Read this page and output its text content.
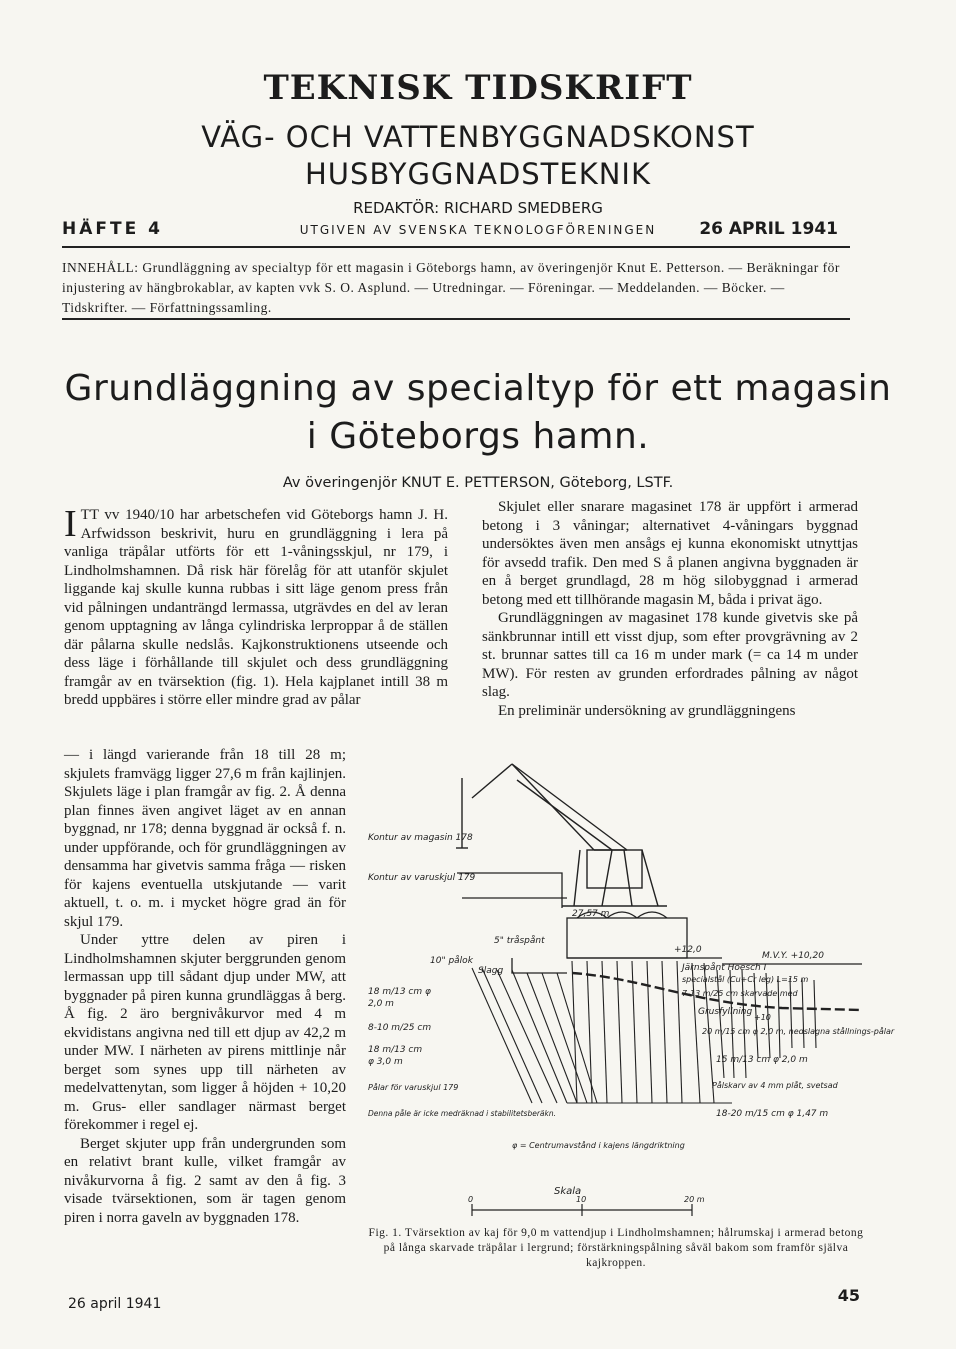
TEKNISK TIDSKRIFT
VÄG- OCH VATTENBYGGNADSKONST
HUSBYGGNADSTEKNIK
REDAKTÖR: RICHARD SMEDBERG
HÄFTE 4	UTGIVEN AV SVENSKA TEKNOLOGFÖRENINGEN	26 APRIL 1941
INNEHÅLL: Grundläggning av specialtyp för ett magasin i Göteborgs hamn, av överingenjör Knut E. Petterson. — Beräkningar för injustering av hängbrokablar, av kapten vvk S. O. Asplund. — Utredningar. — Föreningar. — Meddelanden. — Böcker. — Tidskrifter. — Författningssamling.
Grundläggning av specialtyp för ett magasin
i Göteborgs hamn.
Av överingenjör KNUT E. PETTERSON, Göteborg, LSTF.

ITT vv 1940/10 har arbetschefen vid Göteborgs hamn J. H. Arfwidsson beskrivit, huru en grundläggning i lera på vanliga träpålar utförts för ett 1-våningsskjul, nr 179, i Lindholmshamnen. Då risk här förelåg för att utanför skjulet liggande kaj skulle kunna rubbas i sitt läge genom press från vid pålningen undanträngd lermassa, utgrävdes en del av leran genom upptagning av långa cylindriska lerproppar å de ställen där pålarna skulle nedslås. Kajkonstruktionens utseende och dess läge i förhållande till skjulet och dess grundläggning framgår av en tvärsektion (fig. 1). Hela kajplanet intill 38 m bredd uppbäres i större eller mindre grad av pålar

— i längd varierande från 18 till 28 m; skjulets framvägg ligger 27,6 m från kajlinjen. Skjulets läge i plan framgår av fig. 2. Å denna plan finnes även angivet läget av en annan byggnad, nr 178; denna byggnad är också f. n. under uppförande, och för grundläggningen av densamma har givetvis samma fråga — risken för kajens eventuella utskjutande — varit aktuell, t. o. m. i mycket högre grad än för skjul 179.

Under yttre delen av piren i Lindholmshamnen skjuter berggrunden genom lermassan upp till sådant djup under MW, att byggnader på piren kunna grundläggas å berg. Å fig. 2 äro bergnivåkurvor med 4 m ekvidistans angivna ned till ett djup av 42,2 m under MW. I närheten av pirens mittlinje når berget som synes upp till närheten av medelvattenytan, som ligger å höjden + 10,20 m. Grus- eller sandlager närmast berget förekommer i regel ej.

Berget skjuter upp från undergrunden som en relativt brant kulle, vilket framgår av nivåkurvorna å fig. 2 samt av den å fig. 3 visade tvärsektionen, som är tagen genom piren i norra gaveln av byggnaden 178.

Skjulet eller snarare magasinet 178 är uppfört i armerad betong i 3 våningar; alternativet 4-våningars byggnad undersöktes även men ansågs ej kunna ekonomiskt utnyttjas för avsedd trafik. Den med S å planen angivna byggnaden är en å berget grundlagd, 28 m hög silobyggnad i armerad betong med ett tillhörande magasin M, båda i privat ägo.

Grundläggningen av magasinet 178 kunde givetvis ske på sänkbrunnar intill ett visst djup, som efter provgrävning av 2 st. brunnar sattes till ca 16 m under mark (= ca 14 m under MW). För resten av grunden erfordrades pålning av något slag.

En preliminär undersökning av grundläggningens

Kontur av magasin 178
Kontur av varuskjul 179
27,57 m
5" tråspånt
10" pålok
Slagg
M.V.Y. +10,20
+12,0
Järnspånt Hoesch I
specialstål (Cu+Cr leg) L=15 m
7-13 m/25 cm skarvade med
Grusfyllning
+10
20 m/15 cm φ 2,0 m, nedslagna stållnings-pålar
15 m/13 cm φ 2,0 m
Pålskarv av 4 mm plåt, svetsad
18-20 m/15 cm φ 1,47 m
18 m/13 cm φ
2,0 m
8-10 m/25 cm
18 m/13 cm
φ 3,0 m
Pålar för varuskjul 179
Denna påle är icke medräknad i stabilitetsberäkn.
φ = Centrumavstånd i kajens längdriktning
Skala
0	10	20 m
Fig. 1. Tvärsektion av kaj för 9,0 m vattendjup i Lindholmshamnen; hålrumskaj i armerad betong på långa skarvade träpålar i lergrund; förstärkningspålning såväl bakom som framför själva kajkroppen.
26 april 1941	45
